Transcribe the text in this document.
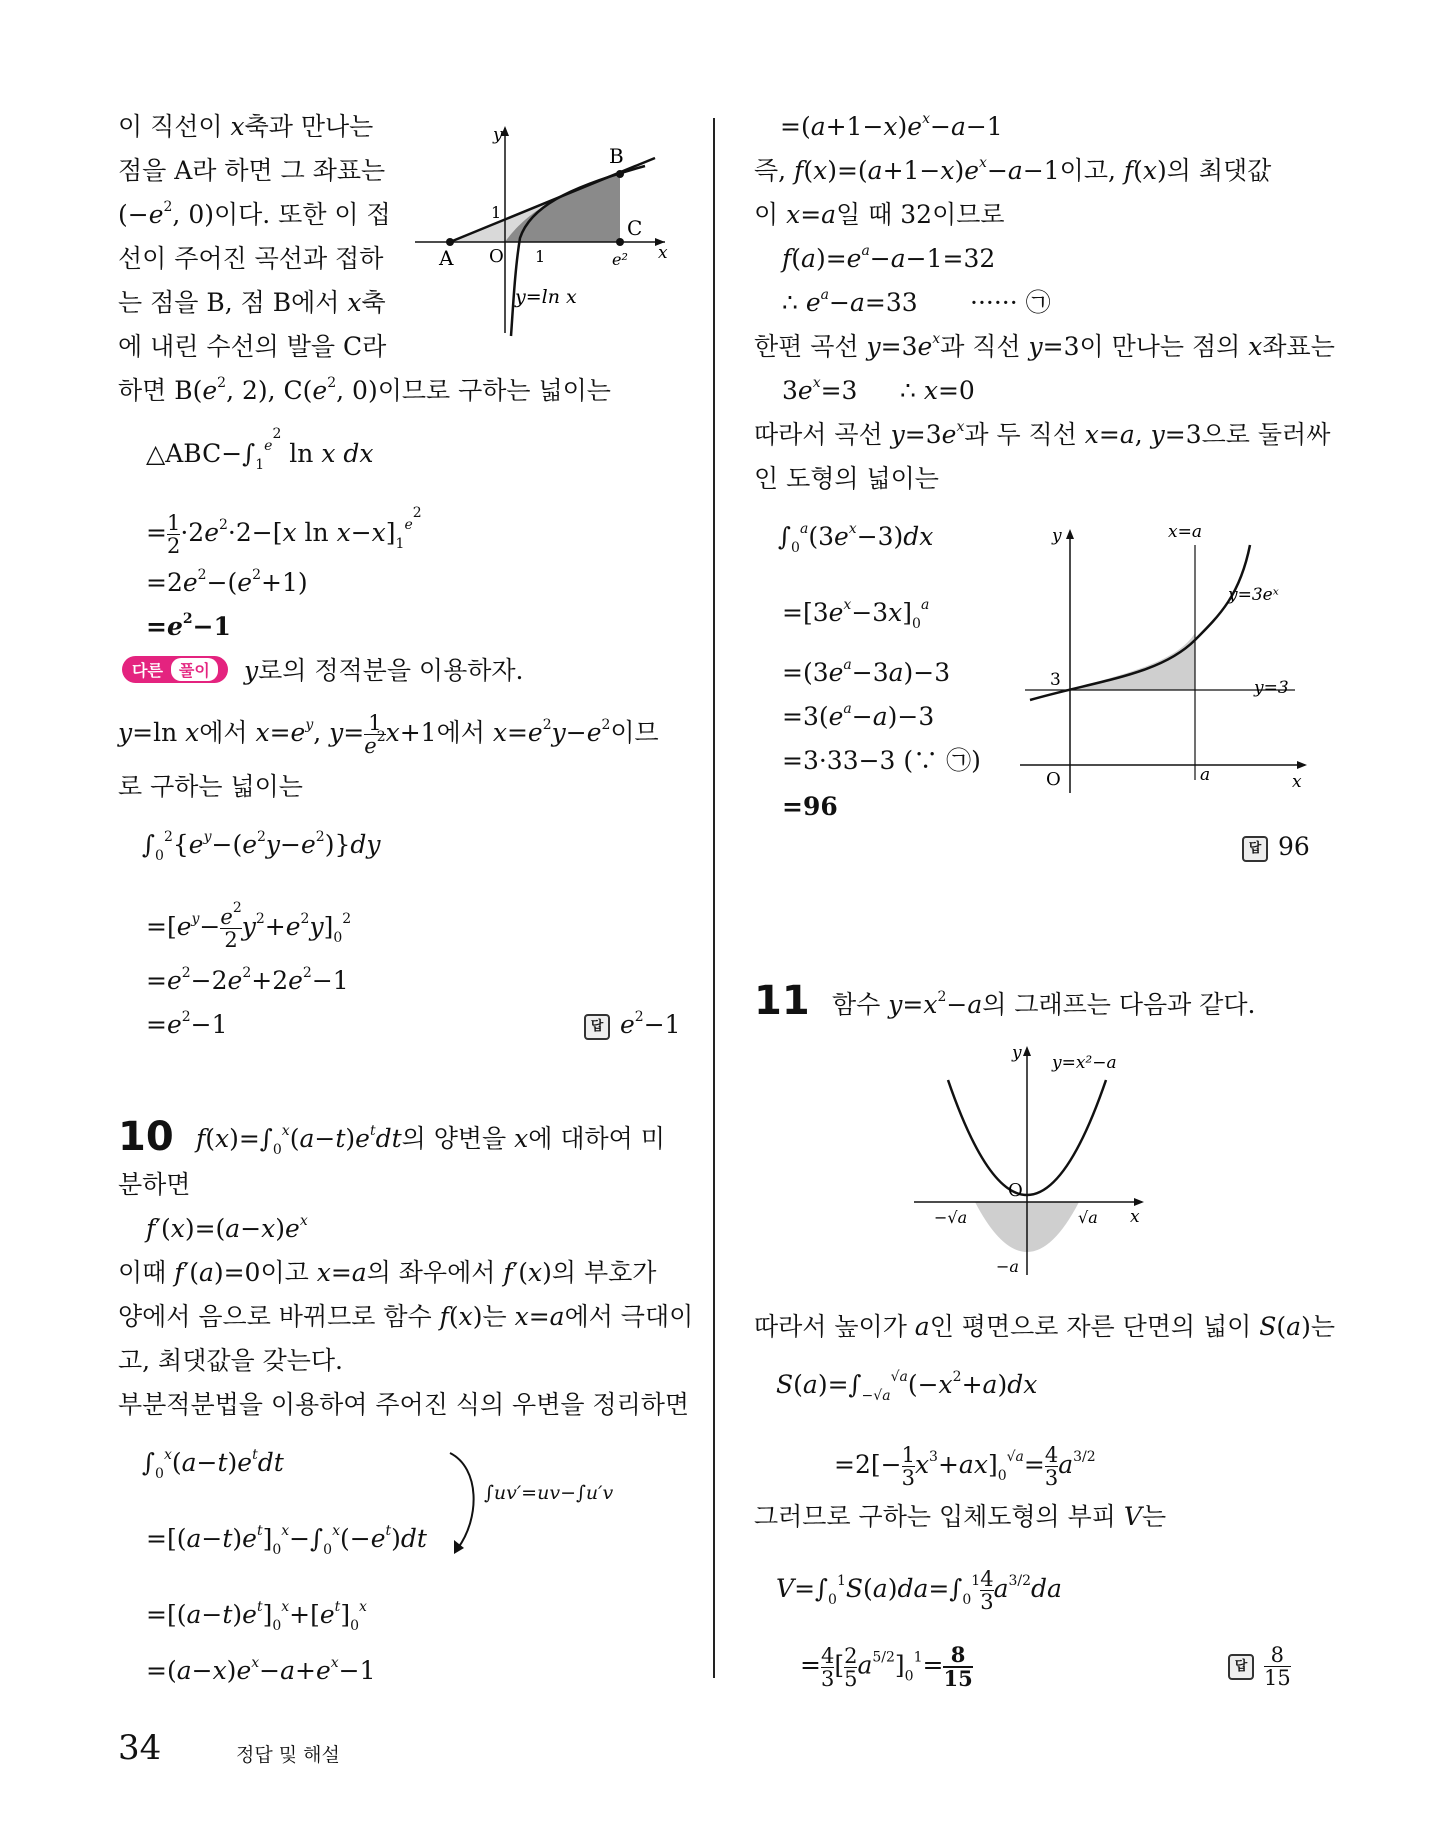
이 직선이 x축과 만나는
점을 A라 하면 그 좌표는
($-e^2$, 0)이다. 또한 이 접
선이 주어진 곡선과 접하
는 점을 B, 점 B에서 x축
에 내린 수선의 발을 C라
하면 $B(e^2$, 2), $C(e^2$, 0)이므로 구하는 넓이는
y
x
O
1
1
A
B
C
e²
y=ln x
$\triangle ABC-\int_1^{e^2}$ ln x dx
= $\frac{1}{2} \cdot 2e^2\cdot 2-[x$ $\ln x-x]_1^{e^2}$
$=2e^2-(e^2+1)$
$=e^2-1$
다른	풀이	y로의 정적분을 이용하자.
y=ln x에서 $x=e^y$, $y= \frac{1}{e^2} x+1$에서 $x=e^2y-e^2$이므
로 구하는 넓이는
$\int_0^2\{e^y-(e^2y-e^2)\}dy$
$=[e^y- \frac{e^2}{2} y^2+e^2y]_0^2$
$=e^2-2e^2+2e^2-1$
$=e^2-1$	답 $e^2-1$
10 $f(x)=\int_0^x(a-t)e^tdt$의 양변을 x에 대하여 미
분하면
$f'(x)=(a-x)e^x$
이때 f′(a)=0이고 x=a의 좌우에서 f′(x)의 부호가
양에서 음으로 바뀌므로 함수 f(x)는 x=a에서 극대이
고, 최댓값을 갖는다.
부분적분법을 이용하여 주어진 식의 우변을 정리하면
$\int_0^x(a-t)e^tdt$
$=[(a-t)e^t]_0^x-\int_0^x(-e^t)dt$
$=[(a-t)e^t]_0^x+[e^t]_0^x$
$=(a-x)e^x-a+e^x-1$
∫uv′=uv−∫u′v
$=(a+1-x)e^x-a-1$
즉, $f(x)=(a+1-x)e^x-a-1$이고, f(x)의 최댓값
이 x=a일 때 32이므로
$f(a)=e^a-a-1=32$
∴ $e^a-a=33$ ······ ㉠
한편 곡선 $y=3e^x$과 직선 y=3이 만나는 점의 x좌표는
$3e^x=3$ ∴ x=0
따라서 곡선 $y=3e^x$과 두 직선 x=a, y=3으로 둘러싸
인 도형의 넓이는
$\int_0^a(3e^x-3)dx$
$=[3e^x-3x]_0^a$
$=(3e^a-3a)-3$
$=3(e^a-a)-3$
=3·33−3 (∵ ㉠)
=96
y
x
O
3
a
x=a
y=3eˣ
y=3
답 96
11 함수 $y=x^2-a$의 그래프는 다음과 같다.
y
x
O
y=x²−a
−√a	√a
−a
따라서 높이가 a인 평면으로 자른 단면의 넓이 S(a)는
$S(a)=\int_{-√a}^{√a}(-x^2+a)dx$
$=2[- \frac{1}{3} x^3+ax]_0^{√a}= \frac{4}{3} a^{3/2}$
그러므로 구하는 입체도형의 부피 V는
$V=\int_0^1S(a)da=\int_0^1 \frac{4}{3} a^{3/2}da$
= $\frac{4}{3}$ [ $\frac{2}{5} a^{5/2}]_0^1= \frac{8}{15}$	답 $\frac{8}{15}$
34	정답 및 해설
